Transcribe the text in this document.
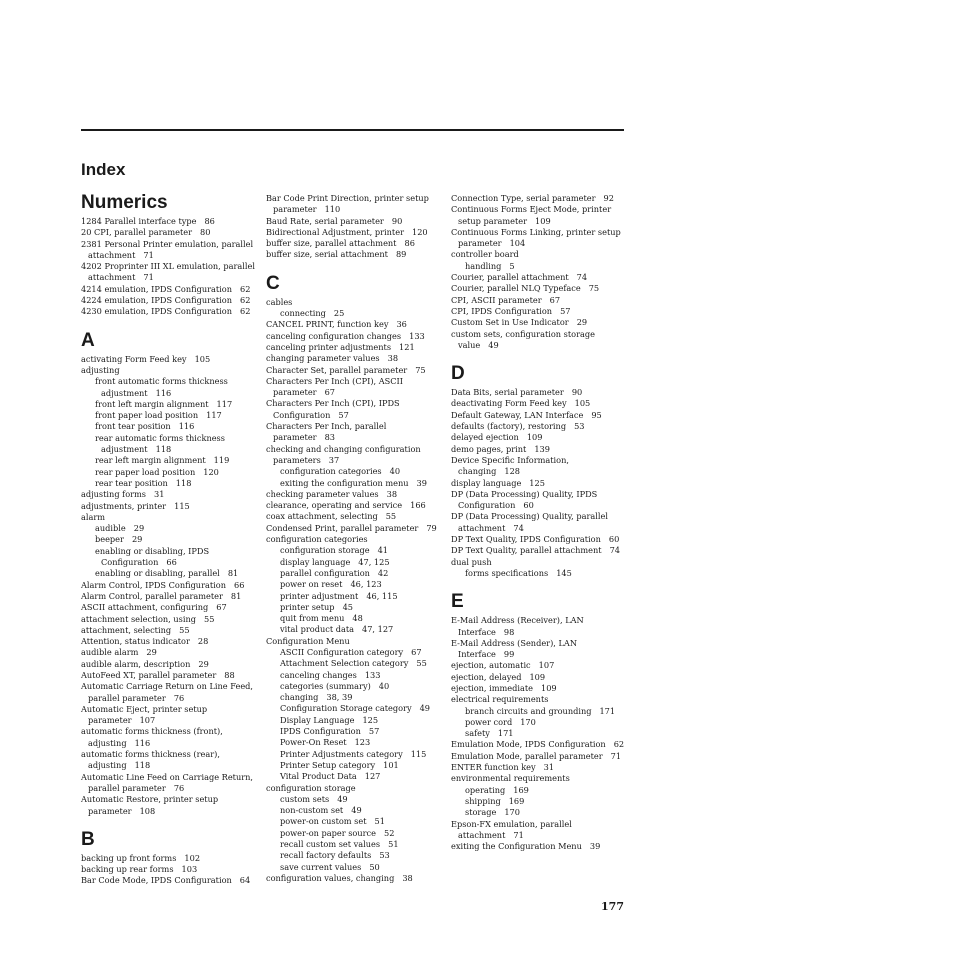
Index
Numerics
1284 Parallel interface type 86
20 CPI, parallel parameter 80
2381 Personal Printer emulation, parallel
attachment 71
4202 Proprinter III XL emulation, parallel
attachment 71
4214 emulation, IPDS Configuration 62
4224 emulation, IPDS Configuration 62
4230 emulation, IPDS Configuration 62
A
activating Form Feed key 105
adjusting
front automatic forms thickness
adjustment 116
front left margin alignment 117
front paper load position 117
front tear position 116
rear automatic forms thickness
adjustment 118
rear left margin alignment 119
rear paper load position 120
rear tear position 118
adjusting forms 31
adjustments, printer 115
alarm
audible 29
beeper 29
enabling or disabling, IPDS
Configuration 66
enabling or disabling, parallel 81
Alarm Control, IPDS Configuration 66
Alarm Control, parallel parameter 81
ASCII attachment, configuring 67
attachment selection, using 55
attachment, selecting 55
Attention, status indicator 28
audible alarm 29
audible alarm, description 29
AutoFeed XT, parallel parameter 88
Automatic Carriage Return on Line Feed,
parallel parameter 76
Automatic Eject, printer setup
parameter 107
automatic forms thickness (front),
adjusting 116
automatic forms thickness (rear),
adjusting 118
Automatic Line Feed on Carriage Return,
parallel parameter 76
Automatic Restore, printer setup
parameter 108
B
backing up front forms 102
backing up rear forms 103
Bar Code Mode, IPDS Configuration 64
Bar Code Print Direction, printer setup
parameter 110
Baud Rate, serial parameter 90
Bidirectional Adjustment, printer 120
buffer size, parallel attachment 86
buffer size, serial attachment 89
C
cables
connecting 25
CANCEL PRINT, function key 36
canceling configuration changes 133
canceling printer adjustments 121
changing parameter values 38
Character Set, parallel parameter 75
Characters Per Inch (CPI), ASCII
parameter 67
Characters Per Inch (CPI), IPDS
Configuration 57
Characters Per Inch, parallel
parameter 83
checking and changing configuration
parameters 37
configuration categories 40
exiting the configuration menu 39
checking parameter values 38
clearance, operating and service 166
coax attachment, selecting 55
Condensed Print, parallel parameter 79
configuration categories
configuration storage 41
display language 47, 125
parallel configuration 42
power on reset 46, 123
printer adjustment 46, 115
printer setup 45
quit from menu 48
vital product data 47, 127
Configuration Menu
ASCII Configuration category 67
Attachment Selection category 55
canceling changes 133
categories (summary) 40
changing 38, 39
Configuration Storage category 49
Display Language 125
IPDS Configuration 57
Power-On Reset 123
Printer Adjustments category 115
Printer Setup category 101
Vital Product Data 127
configuration storage
custom sets 49
non-custom set 49
power-on custom set 51
power-on paper source 52
recall custom set values 51
recall factory defaults 53
save current values 50
configuration values, changing 38
Connection Type, serial parameter 92
Continuous Forms Eject Mode, printer
setup parameter 109
Continuous Forms Linking, printer setup
parameter 104
controller board
handling 5
Courier, parallel attachment 74
Courier, parallel NLQ Typeface 75
CPI, ASCII parameter 67
CPI, IPDS Configuration 57
Custom Set in Use Indicator 29
custom sets, configuration storage
value 49
D
Data Bits, serial parameter 90
deactivating Form Feed key 105
Default Gateway, LAN Interface 95
defaults (factory), restoring 53
delayed ejection 109
demo pages, print 139
Device Specific Information,
changing 128
display language 125
DP (Data Processing) Quality, IPDS
Configuration 60
DP (Data Processing) Quality, parallel
attachment 74
DP Text Quality, IPDS Configuration 60
DP Text Quality, parallel attachment 74
dual push
forms specifications 145
E
E-Mail Address (Receiver), LAN
Interface 98
E-Mail Address (Sender), LAN
Interface 99
ejection, automatic 107
ejection, delayed 109
ejection, immediate 109
electrical requirements
branch circuits and grounding 171
power cord 170
safety 171
Emulation Mode, IPDS Configuration 62
Emulation Mode, parallel parameter 71
ENTER function key 31
environmental requirements
operating 169
shipping 169
storage 170
Epson-FX emulation, parallel
attachment 71
exiting the Configuration Menu 39
177
